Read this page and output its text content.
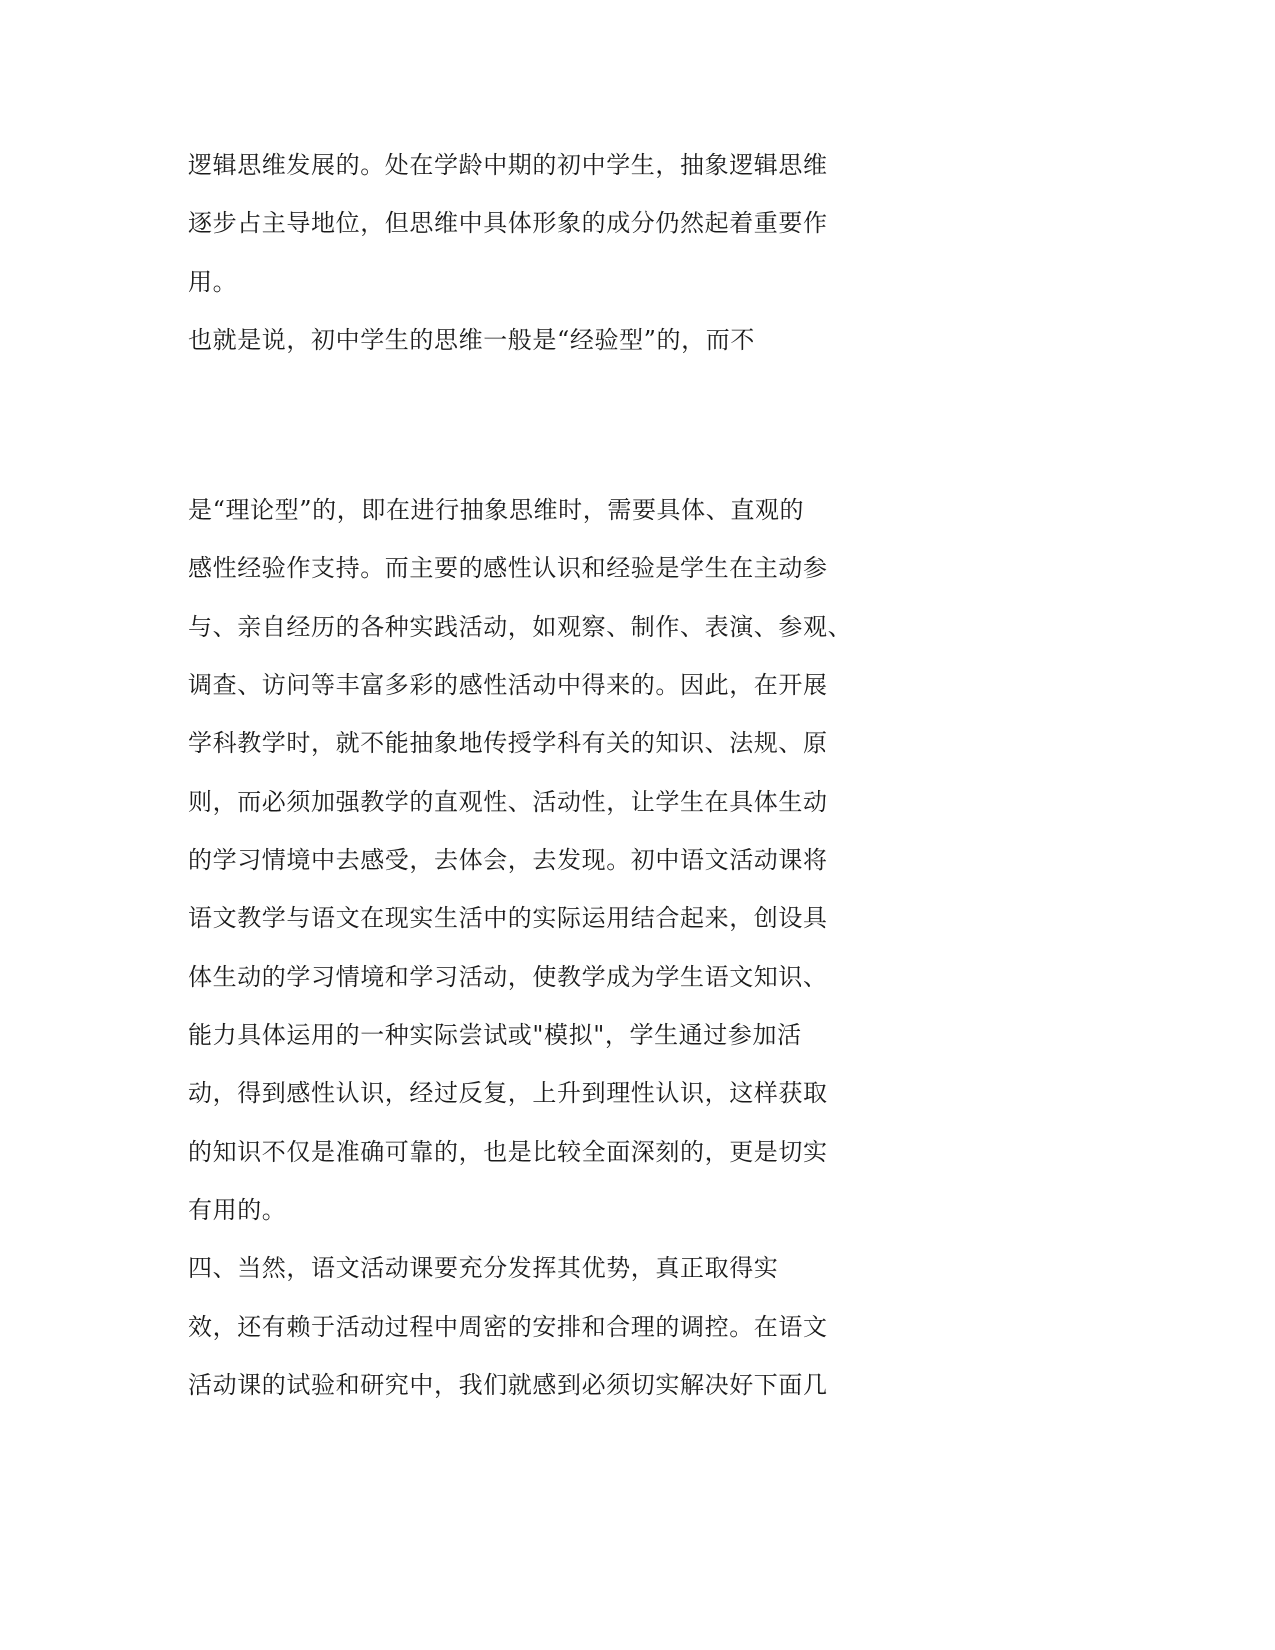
逻辑思维发展的。处在学龄中期的初中学生，抽象逻辑思维
逐步占主导地位，但思维中具体形象的成分仍然起着重要作
用。
也就是说，初中学生的思维一般是“经验型”的，而不
是“理论型”的，即在进行抽象思维时，需要具体、直观的
感性经验作支持。而主要的感性认识和经验是学生在主动参
与、亲自经历的各种实践活动，如观察、制作、表演、参观、
调查、访问等丰富多彩的感性活动中得来的。因此，在开展
学科教学时，就不能抽象地传授学科有关的知识、法规、原
则，而必须加强教学的直观性、活动性，让学生在具体生动
的学习情境中去感受，去体会，去发现。初中语文活动课将
语文教学与语文在现实生活中的实际运用结合起来，创设具
体生动的学习情境和学习活动，使教学成为学生语文知识、
能力具体运用的一种实际尝试或"模拟"，学生通过参加活
动，得到感性认识，经过反复，上升到理性认识，这样获取
的知识不仅是准确可靠的，也是比较全面深刻的，更是切实
有用的。
四、当然，语文活动课要充分发挥其优势，真正取得实
效，还有赖于活动过程中周密的安排和合理的调控。在语文
活动课的试验和研究中，我们就感到必须切实解决好下面几
